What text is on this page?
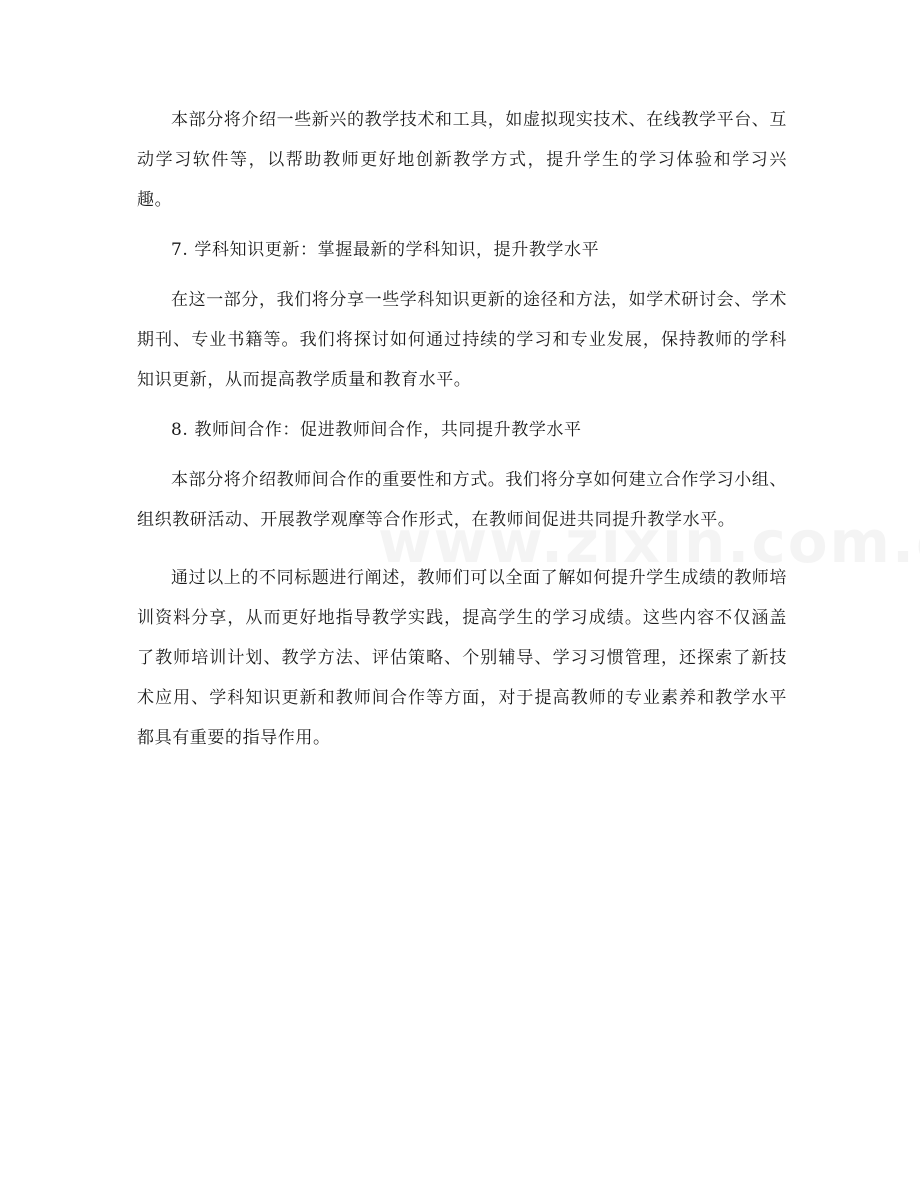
本部分将介绍一些新兴的教学技术和工具，如虚拟现实技术、在线教学平台、互动学习软件等，以帮助教师更好地创新教学方式，提升学生的学习体验和学习兴趣。

7. 学科知识更新：掌握最新的学科知识，提升教学水平

在这一部分，我们将分享一些学科知识更新的途径和方法，如学术研讨会、学术期刊、专业书籍等。我们将探讨如何通过持续的学习和专业发展，保持教师的学科知识更新，从而提高教学质量和教育水平。

8. 教师间合作：促进教师间合作，共同提升教学水平

本部分将介绍教师间合作的重要性和方式。我们将分享如何建立合作学习小组、组织教研活动、开展教学观摩等合作形式，在教师间促进共同提升教学水平。

通过以上的不同标题进行阐述，教师们可以全面了解如何提升学生成绩的教师培训资料分享，从而更好地指导教学实践，提高学生的学习成绩。这些内容不仅涵盖了教师培训计划、教学方法、评估策略、个别辅导、学习习惯管理，还探索了新技术应用、学科知识更新和教师间合作等方面，对于提高教师的专业素养和教学水平都具有重要的指导作用。
